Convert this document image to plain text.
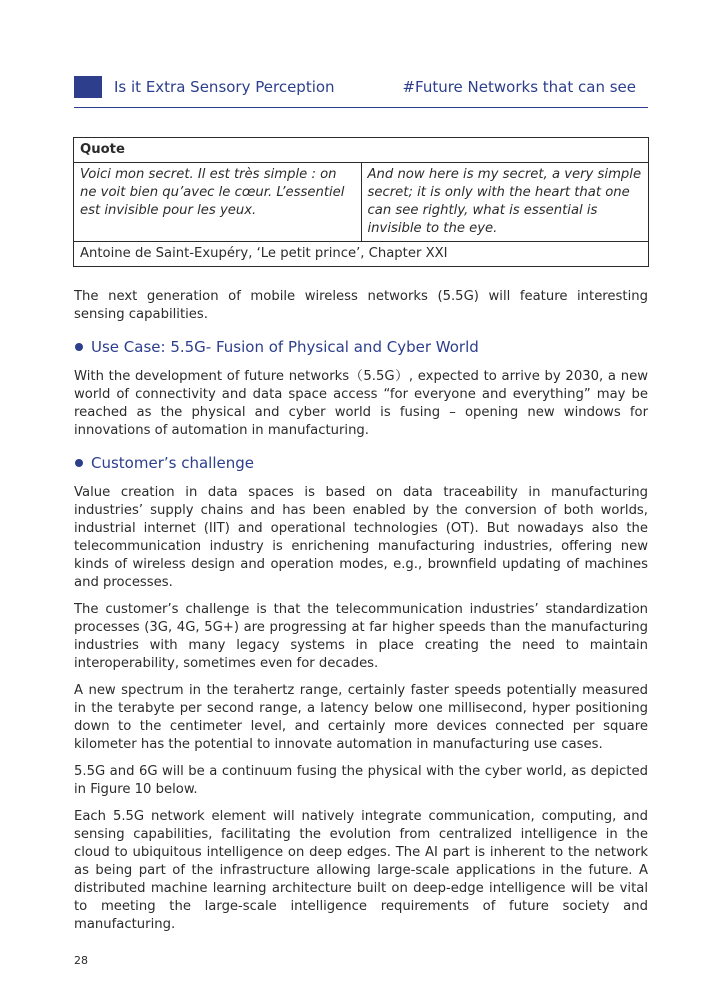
Is it Extra Sensory Perception	#Future Networks that can see
Quote
Voici mon secret. Il est très simple : on ne voit bien qu’avec le cœur. L’essentiel est invisible pour les yeux.	And now here is my secret, a very simple secret; it is only with the heart that one can see rightly, what is essential is invisible to the eye.
Antoine de Saint-Exupéry, ‘Le petit prince’, Chapter XXI

The next generation of mobile wireless networks (5.5G) will feature interesting sensing capabilities.

Use Case: 5.5G- Fusion of Physical and Cyber World

With the development of future networks（5.5G）, expected to arrive by 2030, a new world of connectivity and data space access “for everyone and everything” may be reached as the physical and cyber world is fusing – opening new windows for innovations of automation in manufacturing.

Customer’s challenge

Value creation in data spaces is based on data traceability in manufacturing industries’ supply chains and has been enabled by the conversion of both worlds, industrial internet (IIT) and operational technologies (OT). But nowadays also the telecommunication industry is enrichening manufacturing industries, offering new kinds of wireless design and operation modes, e.g., brownfield updating of machines and processes.

The customer’s challenge is that the telecommunication industries’ standardization processes (3G, 4G, 5G+) are progressing at far higher speeds than the manufacturing industries with many legacy systems in place creating the need to maintain interoperability, sometimes even for decades.

A new spectrum in the terahertz range, certainly faster speeds potentially measured in the terabyte per second range, a latency below one millisecond, hyper positioning down to the centimeter level, and certainly more devices connected per square kilometer has the potential to innovate automation in manufacturing use cases.

5.5G and 6G will be a continuum fusing the physical with the cyber world, as depicted in Figure 10 below.

Each 5.5G network element will natively integrate communication, computing, and sensing capabilities, facilitating the evolution from centralized intelligence in the cloud to ubiquitous intelligence on deep edges. The AI part is inherent to the network as being part of the infrastructure allowing large-scale applications in the future. A distributed machine learning architecture built on deep-edge intelligence will be vital to meeting the large-scale intelligence requirements of future society and manufacturing.

28
